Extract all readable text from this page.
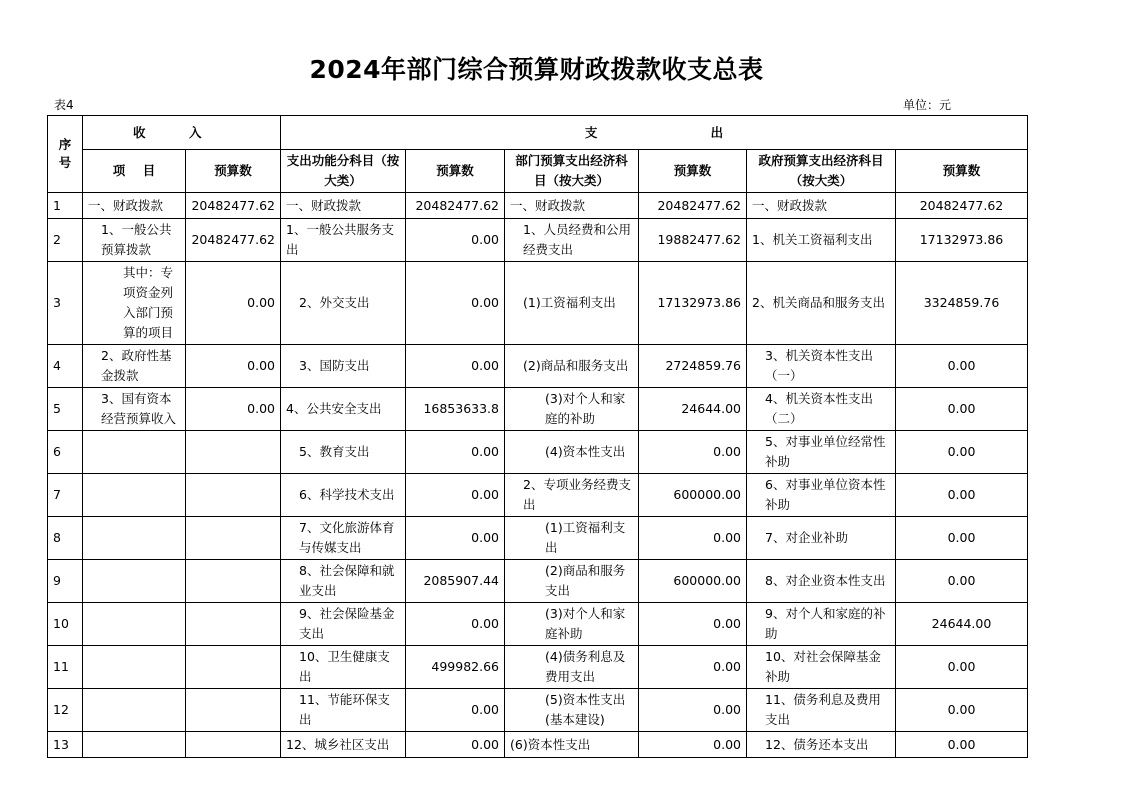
2024年部门综合预算财政拨款收支总表
表4	单位：元
序号	收          入		支                          出					
	项    目	预算数	支出功能分科目（按大类）	预算数	部门预算支出经济科目（按大类）	预算数	政府预算支出经济科目（按大类）	预算数
1	一、财政拨款	20482477.62	一、财政拨款	20482477.62	一、财政拨款	20482477.62	一、财政拨款	20482477.62
2	1、一般公共预算拨款	20482477.62	1、一般公共服务支出	0.00	1、人员经费和公用经费支出	19882477.62	1、机关工资福利支出	17132973.86
3	其中：专项资金列入部门预算的项目	0.00	2、外交支出	0.00	(1)工资福利支出	17132973.86	2、机关商品和服务支出	3324859.76
4	2、政府性基金拨款	0.00	3、国防支出	0.00	(2)商品和服务支出	2724859.76	3、机关资本性支出（一）	0.00
5	3、国有资本经营预算收入	0.00	4、公共安全支出	16853633.8	(3)对个人和家庭的补助	24644.00	4、机关资本性支出（二）	0.00
6			5、教育支出	0.00	(4)资本性支出	0.00	5、对事业单位经常性补助	0.00
7			6、科学技术支出	0.00	2、专项业务经费支出	600000.00	6、对事业单位资本性补助	0.00
8			7、文化旅游体育与传媒支出	0.00	(1)工资福利支出	0.00	7、对企业补助	0.00
9			8、社会保障和就业支出	2085907.44	(2)商品和服务支出	600000.00	8、对企业资本性支出	0.00
10			9、社会保险基金支出	0.00	(3)对个人和家庭补助	0.00	9、对个人和家庭的补助	24644.00
11			10、卫生健康支出	499982.66	(4)债务利息及费用支出	0.00	10、对社会保障基金补助	0.00
12			11、节能环保支出	0.00	(5)资本性支出(基本建设)	0.00	11、债务利息及费用支出	0.00
13			12、城乡社区支出	0.00	(6)资本性支出	0.00	12、债务还本支出	0.00
